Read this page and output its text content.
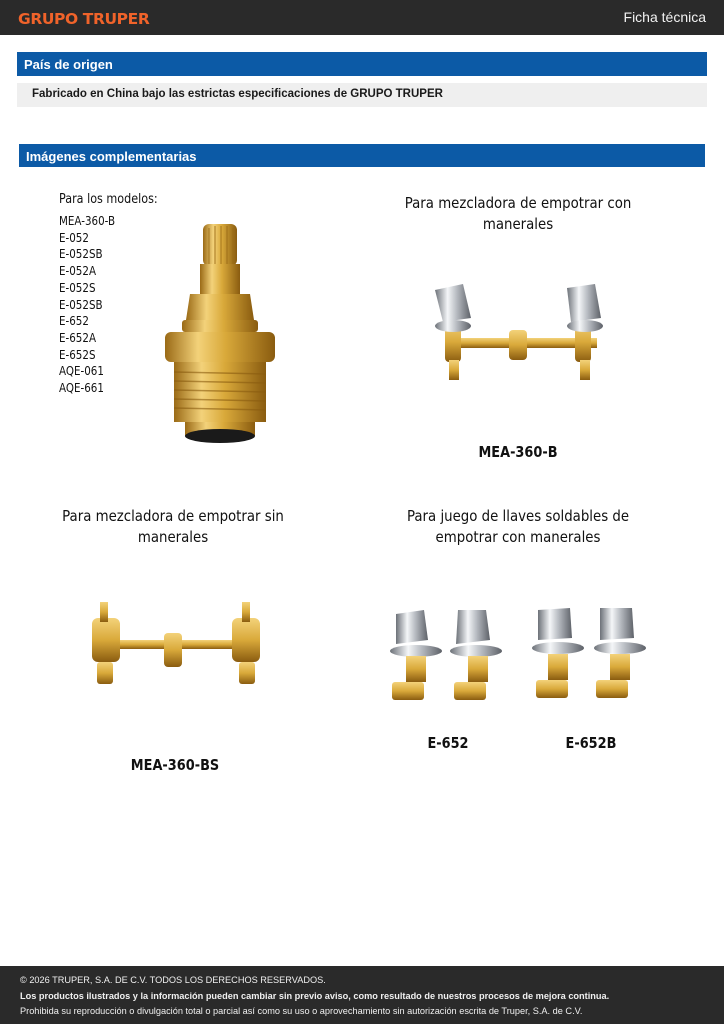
GRUPO TRUPER	Ficha técnica
País de origen
Fabricado en China bajo las estrictas especificaciones de GRUPO TRUPER
Imágenes complementarias
Para los modelos:
MEA-360-B
E-052
E-052SB
E-052A
E-052S
E-052SB
E-652
E-652A
E-652S
AQE-061
AQE-661
Para mezcladora de empotrar con
manerales
MEA-360-B
Para mezcladora de empotrar sin
manerales
MEA-360-BS
Para juego de llaves soldables de
empotrar con manerales
E-652	E-652B
© 2026 TRUPER, S.A. DE C.V. TODOS LOS DERECHOS RESERVADOS.
Los productos ilustrados y la información pueden cambiar sin previo aviso, como resultado de nuestros procesos de mejora continua.
Prohibida su reproducción o divulgación total o parcial así como su uso o aprovechamiento sin autorización escrita de Truper, S.A. de C.V.
